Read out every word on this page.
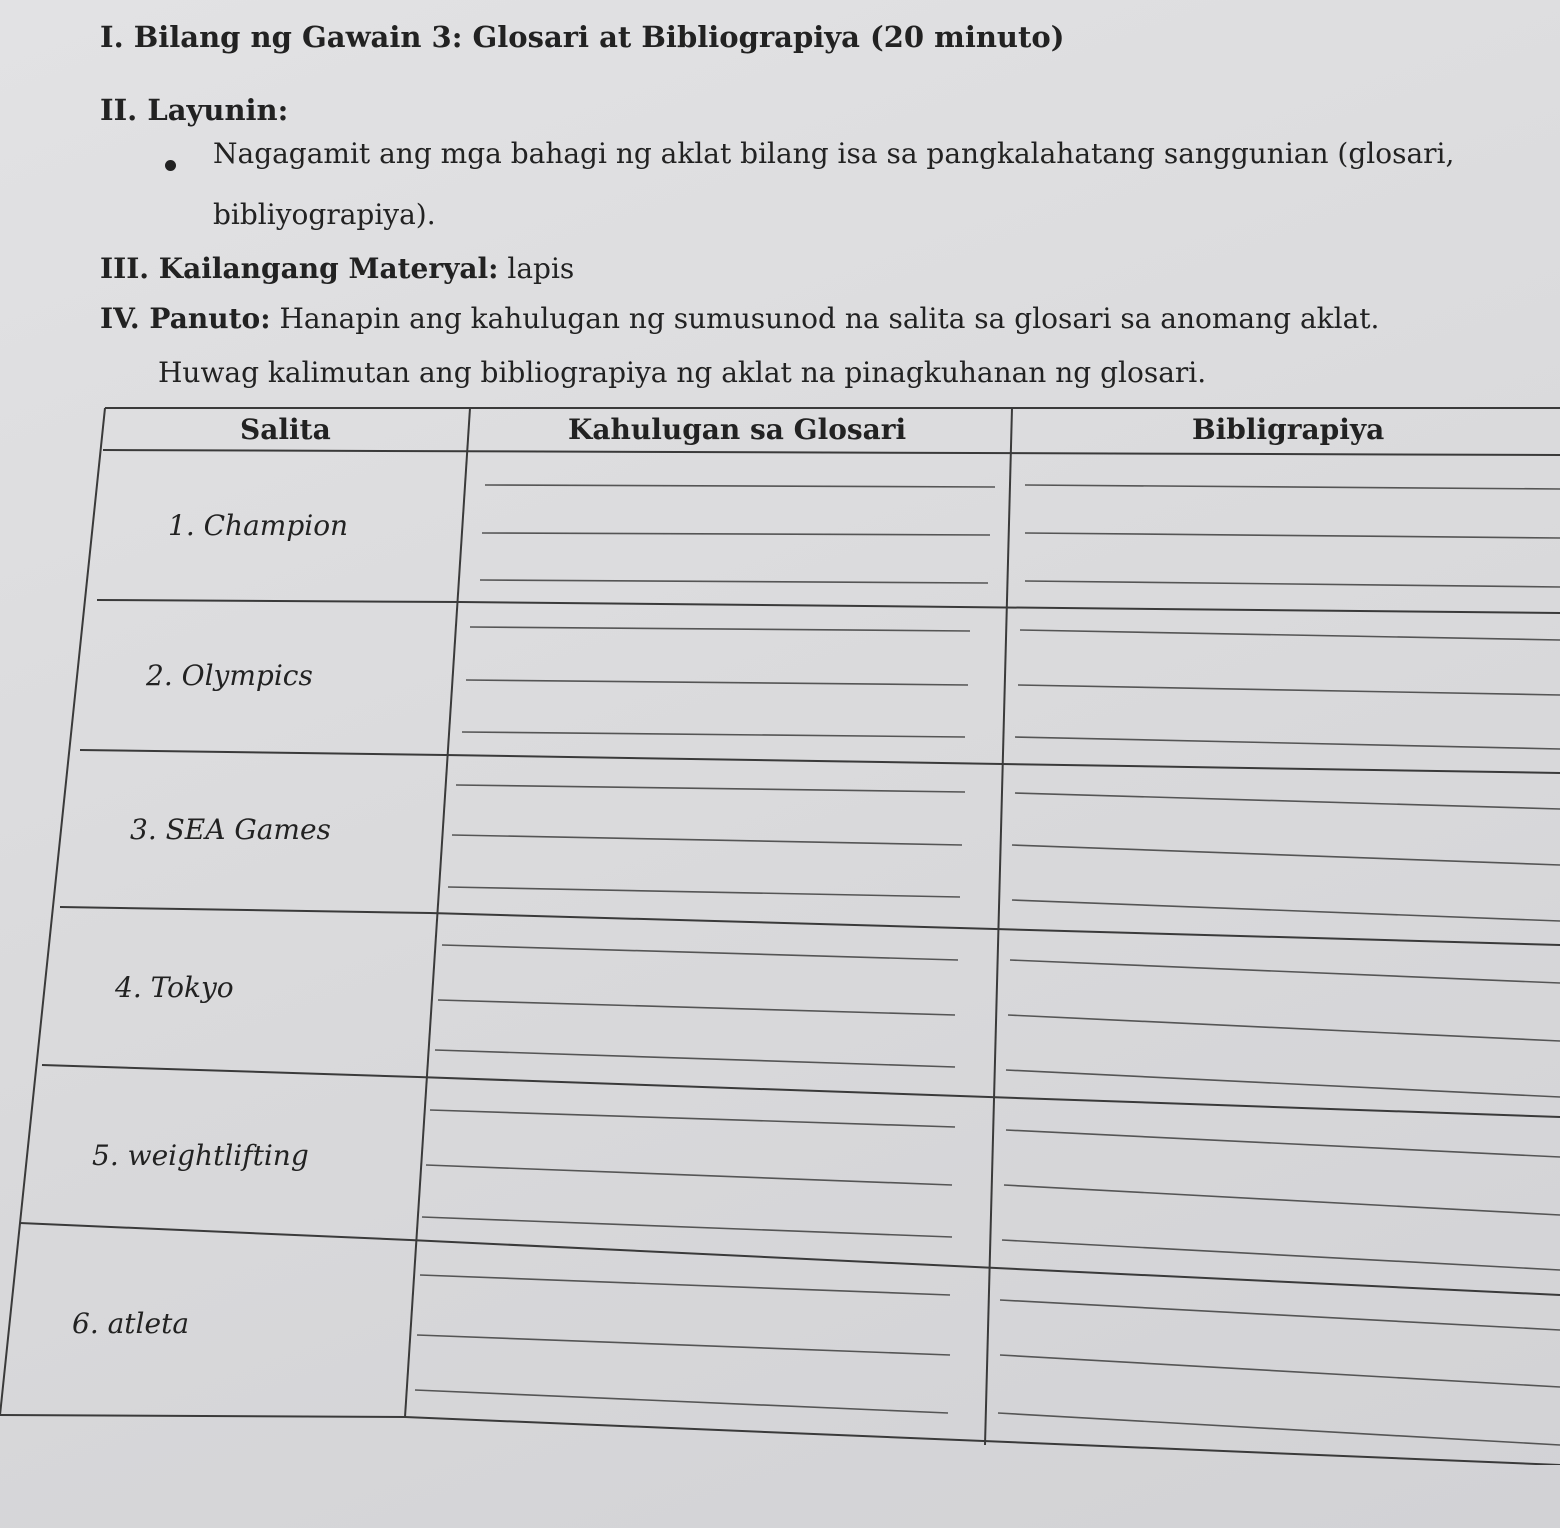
I. Bilang ng Gawain 3: Glosari at Bibliograpiya (20 minuto)
II. Layunin:
Nagagamit ang mga bahagi ng aklat bilang isa sa pangkalahatang sanggunian (glosari,
bibliyograpiya).
III. Kailangang Materyal: lapis
IV. Panuto: Hanapin ang kahulugan ng sumusunod na salita sa glosari sa anomang aklat.
Huwag kalimutan ang bibliograpiya ng aklat na pinagkuhanan ng glosari.
Salita	Kahulugan sa Glosari	Bibligrapiya
1. Champion
2. Olympics
3. SEA Games
4. Tokyo
5. weightlifting
6. atleta
